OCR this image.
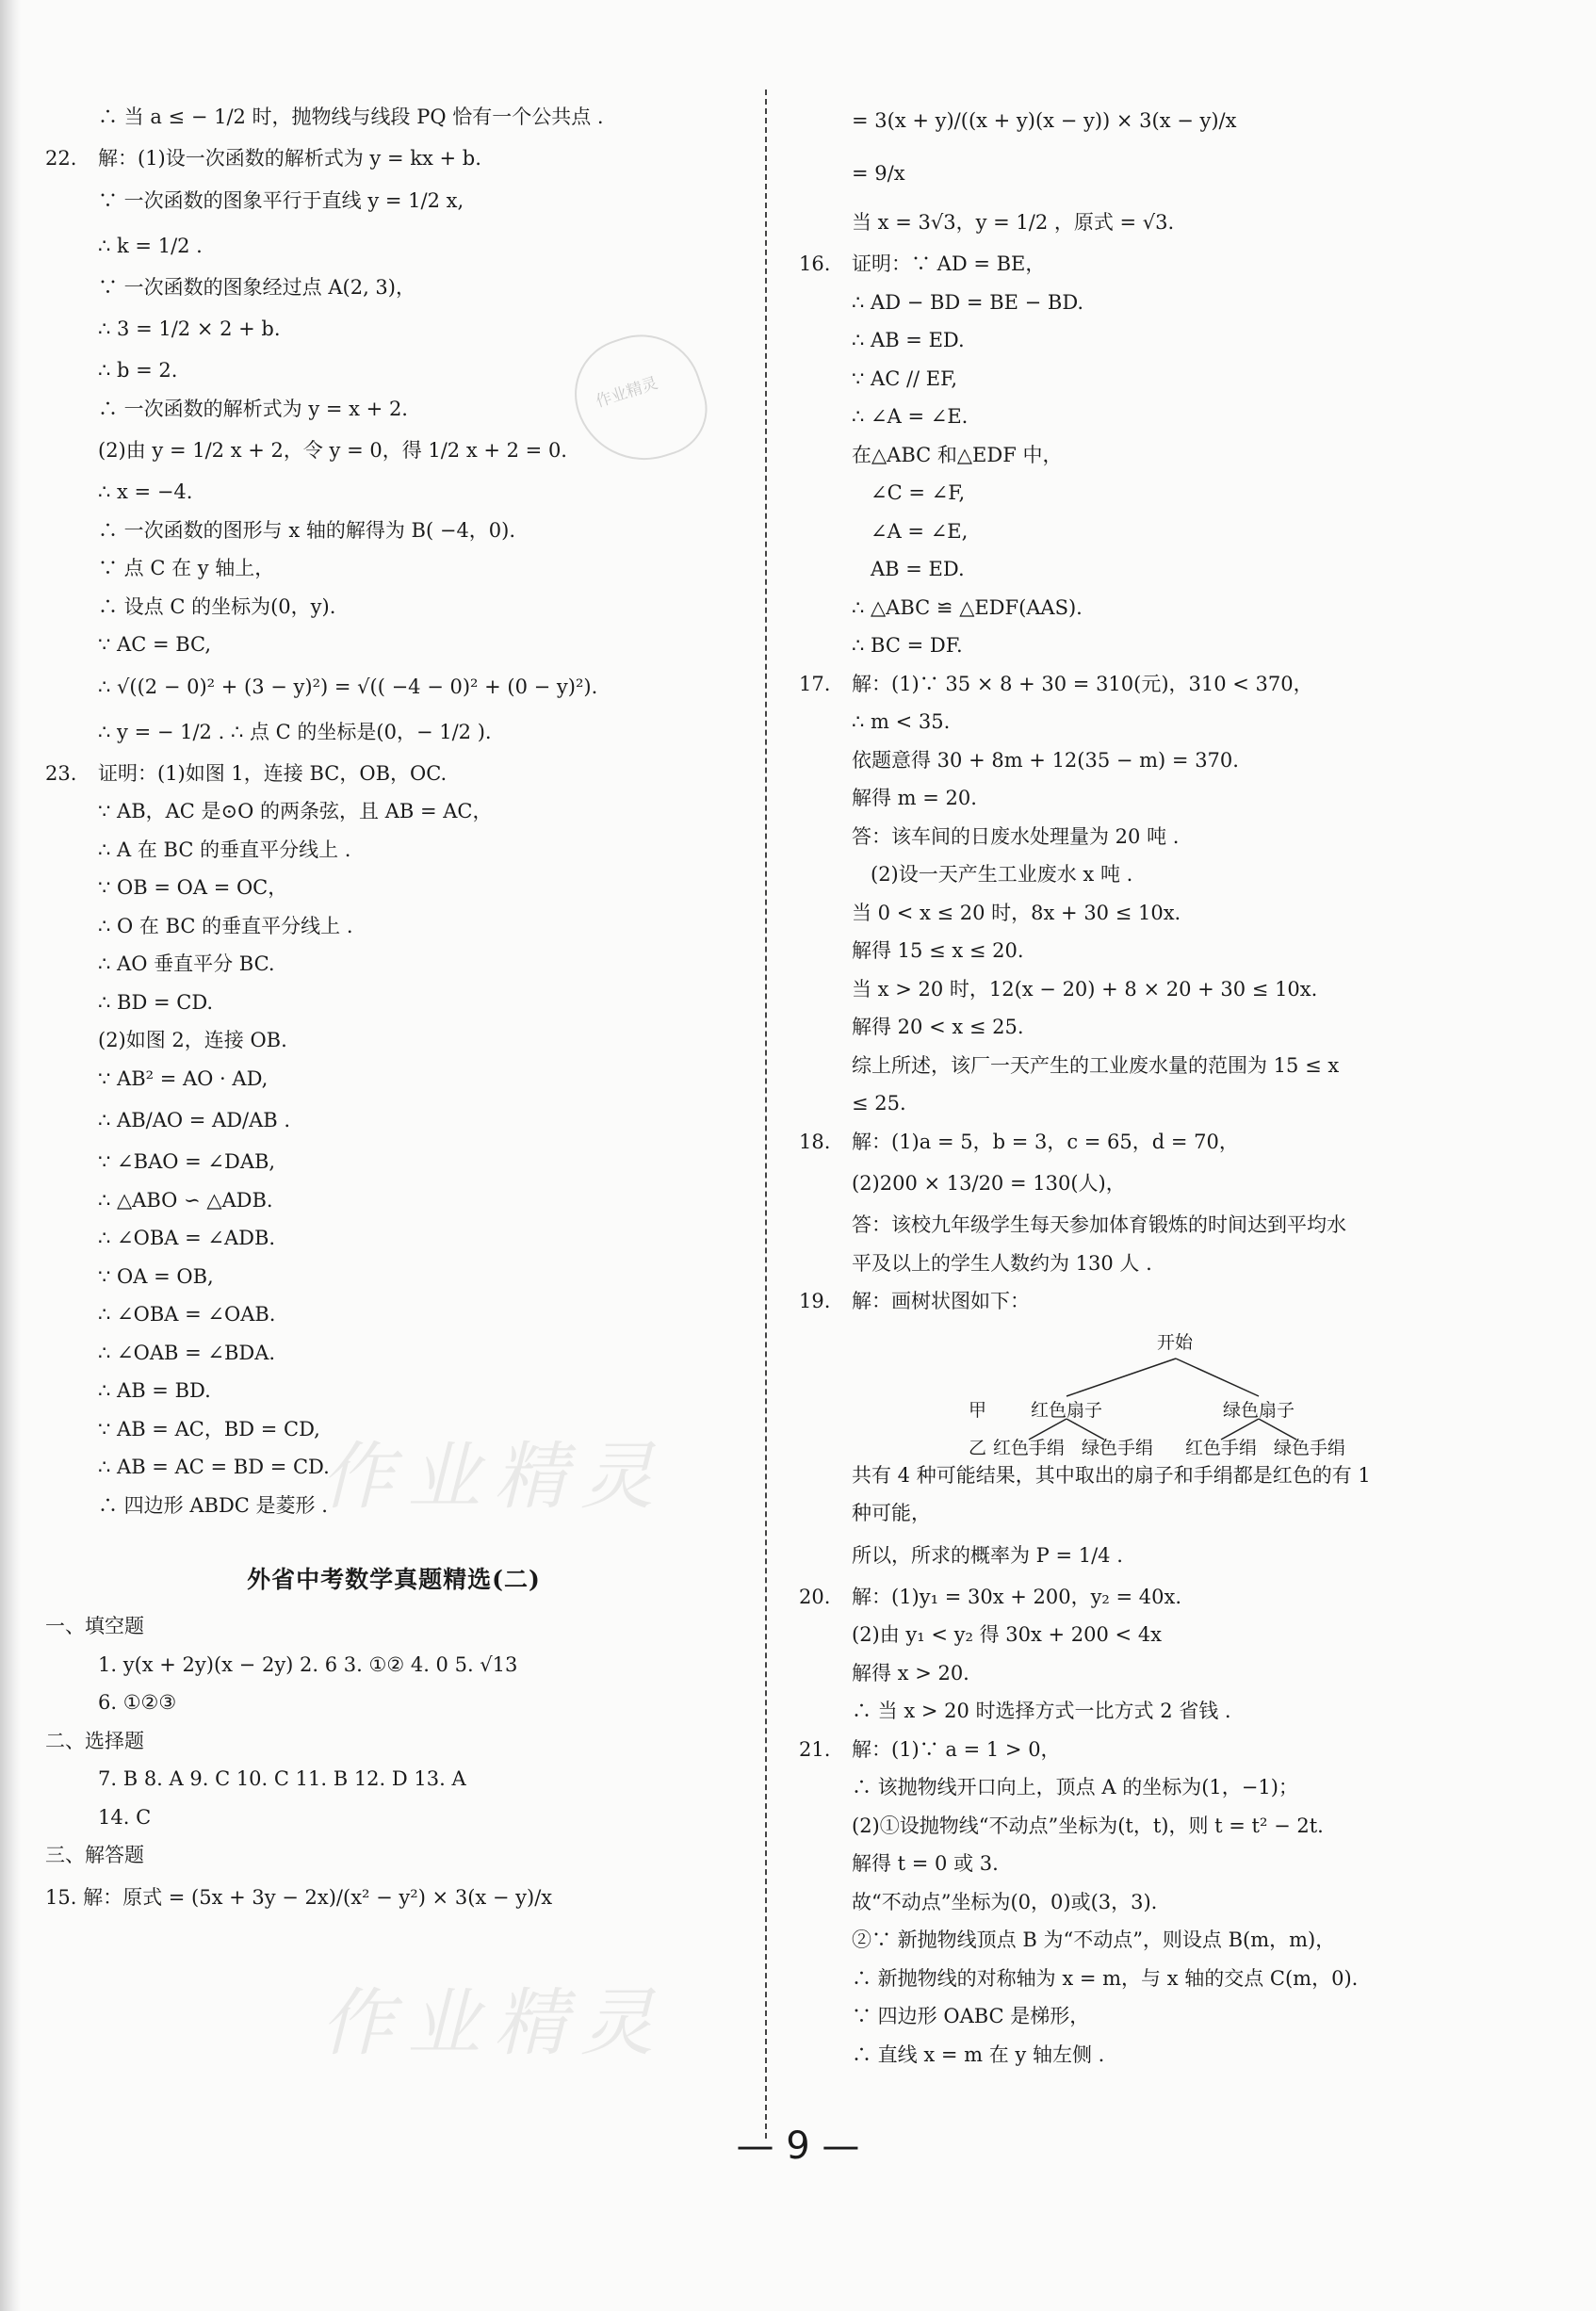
作业精灵
作业精灵
作业精灵
∴ 当 a ≤ − 1/2 时，抛物线与线段 PQ 恰有一个公共点 .
22. 解：(1)设一次函数的解析式为 y = kx + b.
∵ 一次函数的图象平行于直线 y = 1/2 x,
∴ k = 1/2 .
∵ 一次函数的图象经过点 A(2, 3)，
∴ 3 = 1/2 × 2 + b.
∴ b = 2.
∴ 一次函数的解析式为 y = x + 2.
(2)由 y = 1/2 x + 2，令 y = 0，得 1/2 x + 2 = 0.
∴ x = −4.
∴ 一次函数的图形与 x 轴的解得为 B( −4，0).
∵ 点 C 在 y 轴上，
∴ 设点 C 的坐标为(0，y).
∵ AC = BC,
∴ √((2 − 0)² + (3 − y)²) = √(( −4 − 0)² + (0 − y)²).
∴ y = − 1/2 . ∴ 点 C 的坐标是(0，− 1/2 ).
23. 证明：(1)如图 1，连接 BC，OB，OC.
∵ AB，AC 是⊙O 的两条弦，且 AB = AC，
∴ A 在 BC 的垂直平分线上 .
∵ OB = OA = OC，
∴ O 在 BC 的垂直平分线上 .
∴ AO 垂直平分 BC.
∴ BD = CD.
(2)如图 2，连接 OB.
∵ AB² = AO · AD,
∴ AB/AO = AD/AB .
∵ ∠BAO = ∠DAB,
∴ △ABO ∽ △ADB.
∴ ∠OBA = ∠ADB.
∵ OA = OB,
∴ ∠OBA = ∠OAB.
∴ ∠OAB = ∠BDA.
∴ AB = BD.
∵ AB = AC，BD = CD,
∴ AB = AC = BD = CD.
∴ 四边形 ABDC 是菱形 .
外省中考数学真题精选(二)
一、填空题
1. y(x + 2y)(x − 2y) 2. 6 3. ①② 4. 0 5. √13
6. ①②③
二、选择题
7. B 8. A 9. C 10. C 11. B 12. D 13. A
14. C
三、解答题
15. 解：原式 = (5x + 3y − 2x)/(x² − y²) × 3(x − y)/x
= 3(x + y)/((x + y)(x − y)) × 3(x − y)/x
= 9/x
当 x = 3√3，y = 1/2 ，原式 = √3.
16. 证明：∵ AD = BE，
∴ AD − BD = BE − BD.
∴ AB = ED.
∵ AC // EF,
∴ ∠A = ∠E.
在△ABC 和△EDF 中，
∠C = ∠F,
∠A = ∠E,
AB = ED.
∴ △ABC ≌ △EDF(AAS).
∴ BC = DF.
17. 解：(1)∵ 35 × 8 + 30 = 310(元)，310 < 370，
∴ m < 35.
依题意得 30 + 8m + 12(35 − m) = 370.
解得 m = 20.
答：该车间的日废水处理量为 20 吨 .
(2)设一天产生工业废水 x 吨 .
当 0 < x ≤ 20 时，8x + 30 ≤ 10x.
解得 15 ≤ x ≤ 20.
当 x > 20 时，12(x − 20) + 8 × 20 + 30 ≤ 10x.
解得 20 < x ≤ 25.
综上所述，该厂一天产生的工业废水量的范围为 15 ≤ x
≤ 25.
18. 解：(1)a = 5，b = 3，c = 65，d = 70，
(2)200 × 13/20 = 130(人)，
答：该校九年级学生每天参加体育锻炼的时间达到平均水
平及以上的学生人数约为 130 人 .
19. 解：画树状图如下：
开始
甲 红色扇子	绿色扇子
乙 红色手绢 绿色手绢 红色手绢 绿色手绢
共有 4 种可能结果，其中取出的扇子和手绢都是红色的有 1
种可能，
所以，所求的概率为 P = 1/4 .
20. 解：(1)y₁ = 30x + 200，y₂ = 40x.
(2)由 y₁ < y₂ 得 30x + 200 < 4x
解得 x > 20.
∴ 当 x > 20 时选择方式一比方式 2 省钱 .
21. 解：(1)∵ a = 1 > 0，
∴ 该抛物线开口向上，顶点 A 的坐标为(1，−1)；
(2)①设抛物线“不动点”坐标为(t，t)，则 t = t² − 2t.
解得 t = 0 或 3.
故“不动点”坐标为(0，0)或(3，3).
②∵ 新抛物线顶点 B 为“不动点”，则设点 B(m，m)，
∴ 新抛物线的对称轴为 x = m，与 x 轴的交点 C(m，0).
∵ 四边形 OABC 是梯形，
∴ 直线 x = m 在 y 轴左侧 .
— 9 —
